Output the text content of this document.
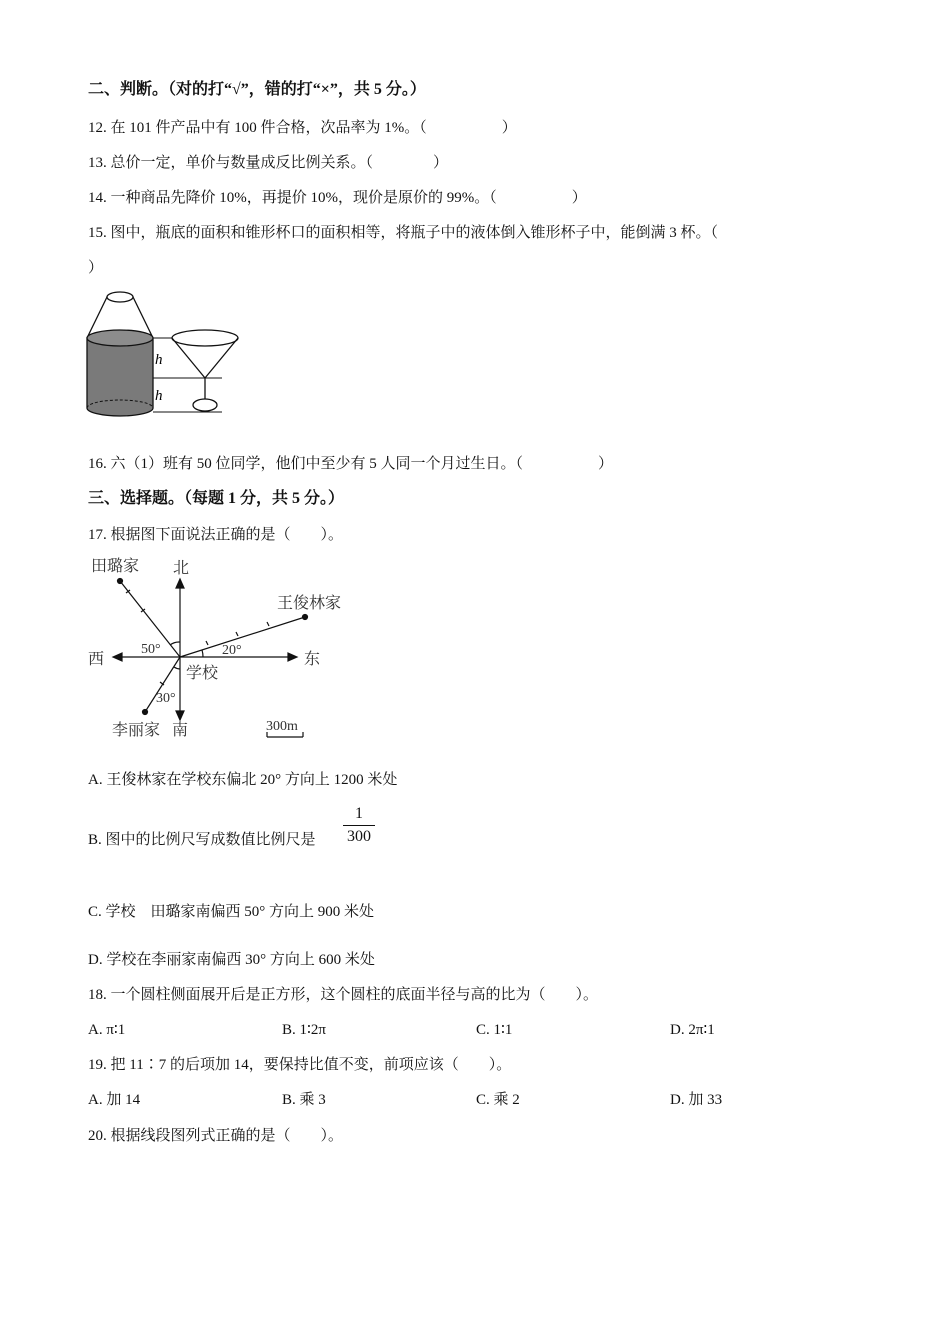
二、判断。（对的打“√”，错的打“×”，共 5 分。）
12. 在 101 件产品中有 100 件合格，次品率为 1%。（　　　　　）
13. 总价一定，单价与数量成反比例关系。（　　　　）
14. 一种商品先降价 10%，再提价 10%，现价是原价的 99%。（　　　　　）
15. 图中，瓶底的面积和锥形杯口的面积相等，将瓶子中的液体倒入锥形杯子中，能倒满 3 杯。（
）
h
h
16. 六（1）班有 50 位同学，他们中至少有 5 人同一个月过生日。（　　　　　）
三、选择题。（每题 1 分，共 5 分。）
17. 根据图下面说法正确的是（　　）。
田璐家 北
王俊林家
西	东
学校
李丽家 南	300m
50°	20°
30°
A. 王俊林家在学校东偏北 20° 方向上 1200 米处
B. 图中的比例尺写成数值比例尺是
1
300
C. 学校　田璐家南偏西 50° 方向上 900 米处
D. 学校在李丽家南偏西 30° 方向上 600 米处
18. 一个圆柱侧面展开后是正方形，这个圆柱的底面半径与高的比为（　　）。
A. π∶1	B. 1∶2π	C. 1∶1	D. 2π∶1
19. 把 11∶7 的后项加 14，要保持比值不变，前项应该（　　）。
A. 加 14	B. 乘 3	C. 乘 2	D. 加 33
20. 根据线段图列式正确的是（　　）。
